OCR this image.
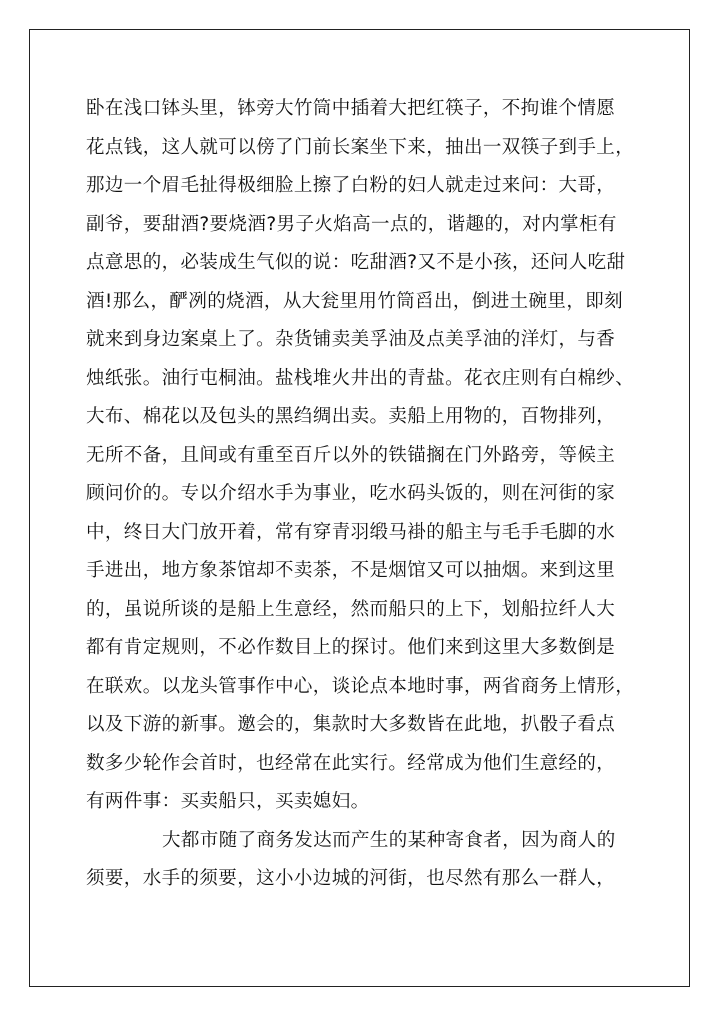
卧在浅口钵头里，钵旁大竹筒中插着大把红筷子，不拘谁个情愿
花点钱，这人就可以傍了门前长案坐下来，抽出一双筷子到手上，
那边一个眉毛扯得极细脸上擦了白粉的妇人就走过来问：大哥，
副爷，要甜酒?要烧酒?男子火焰高一点的，谐趣的，对内掌柜有
点意思的，必装成生气似的说：吃甜酒?又不是小孩，还问人吃甜
酒!那么，酽冽的烧酒，从大瓮里用竹筒舀出，倒进土碗里，即刻
就来到身边案桌上了。杂货铺卖美孚油及点美孚油的洋灯，与香
烛纸张。油行屯桐油。盐栈堆火井出的青盐。花衣庄则有白棉纱、
大布、棉花以及包头的黑绉绸出卖。卖船上用物的，百物排列，
无所不备，且间或有重至百斤以外的铁锚搁在门外路旁，等候主
顾问价的。专以介绍水手为事业，吃水码头饭的，则在河街的家
中，终日大门放开着，常有穿青羽缎马褂的船主与毛手毛脚的水
手进出，地方象茶馆却不卖茶，不是烟馆又可以抽烟。来到这里
的，虽说所谈的是船上生意经，然而船只的上下，划船拉纤人大
都有肯定规则，不必作数目上的探讨。他们来到这里大多数倒是
在联欢。以龙头管事作中心，谈论点本地时事，两省商务上情形，
以及下游的新事。邀会的，集款时大多数皆在此地，扒骰子看点
数多少轮作会首时，也经常在此实行。经常成为他们生意经的，
有两件事：买卖船只，买卖媳妇。
大都市随了商务发达而产生的某种寄食者，因为商人的
须要，水手的须要，这小小边城的河街，也尽然有那么一群人，
